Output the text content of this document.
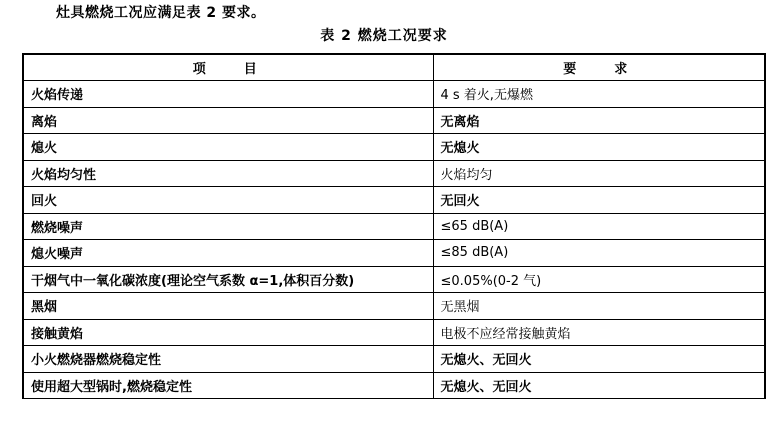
灶具燃烧工况应满足表 2 要求。
表 2 燃烧工况要求
项目	要求
火焰传递	4 s 着火,无爆燃
离焰	无离焰
熄火	无熄火
火焰均匀性	火焰均匀
回火	无回火
燃烧噪声	≤65 dB(A)
熄火噪声	≤85 dB(A)
干烟气中一氧化碳浓度(理论空气系数 α=1,体积百分数)	≤0.05%(0-2 气)
黑烟	无黑烟
接触黄焰	电极不应经常接触黄焰
小火燃烧器燃烧稳定性	无熄火、无回火
使用超大型锅时,燃烧稳定性	无熄火、无回火
